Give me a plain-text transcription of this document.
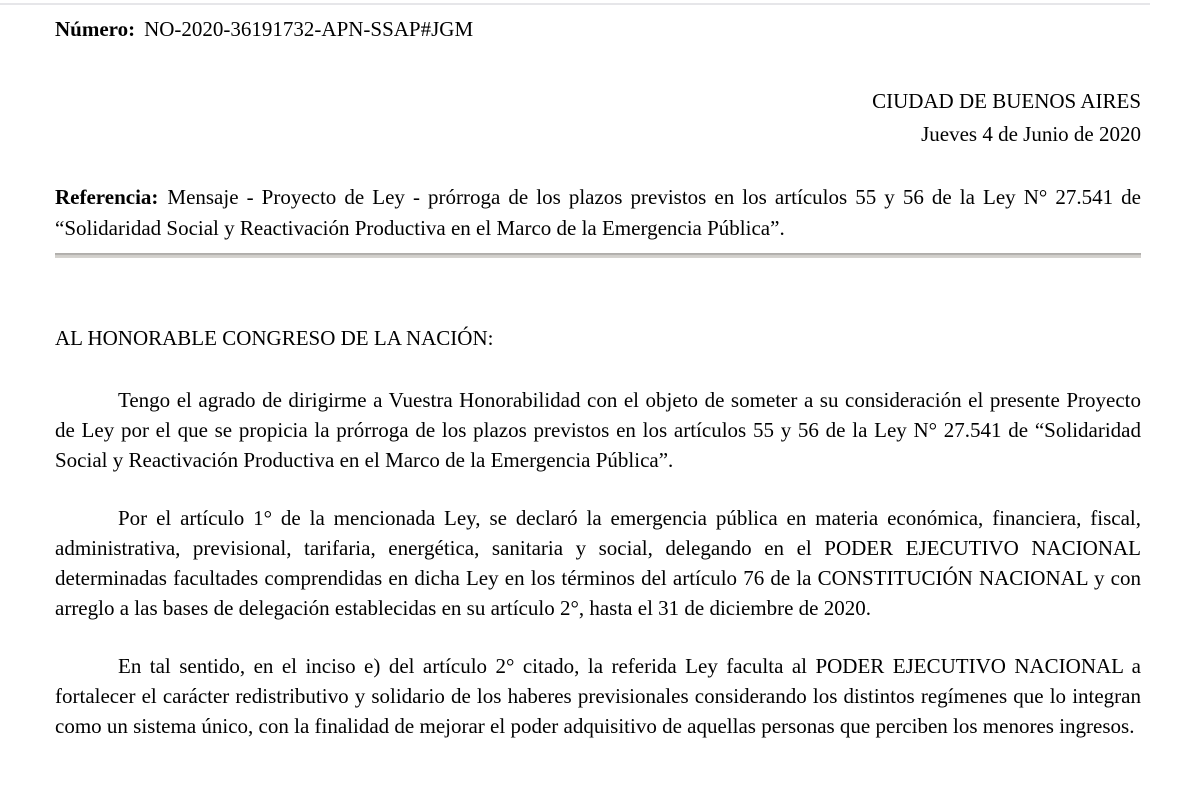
Número: NO-2020-36191732-APN-SSAP#JGM
CIUDAD DE BUENOS AIRES
Jueves 4 de Junio de 2020
Referencia: Mensaje - Proyecto de Ley - prórroga de los plazos previstos en los artículos 55 y 56 de la Ley N° 27.541 de “Solidaridad Social y Reactivación Productiva en el Marco de la Emergencia Pública”.
AL HONORABLE CONGRESO DE LA NACIÓN:

Tengo el agrado de dirigirme a Vuestra Honorabilidad con el objeto de someter a su consideración el presente Proyecto de Ley por el que se propicia la prórroga de los plazos previstos en los artículos 55 y 56 de la Ley N° 27.541 de “Solidaridad Social y Reactivación Productiva en el Marco de la Emergencia Pública”.

Por el artículo 1° de la mencionada Ley, se declaró la emergencia pública en materia económica, financiera, fiscal, administrativa, previsional, tarifaria, energética, sanitaria y social, delegando en el PODER EJECUTIVO NACIONAL determinadas facultades comprendidas en dicha Ley en los términos del artículo 76 de la CONSTITUCIÓN NACIONAL y con arreglo a las bases de delegación establecidas en su artículo 2°, hasta el 31 de diciembre de 2020.

En tal sentido, en el inciso e) del artículo 2° citado, la referida Ley faculta al PODER EJECUTIVO NACIONAL a fortalecer el carácter redistributivo y solidario de los haberes previsionales considerando los distintos regímenes que lo integran como un sistema único, con la finalidad de mejorar el poder adquisitivo de aquellas personas que perciben los menores ingresos.
